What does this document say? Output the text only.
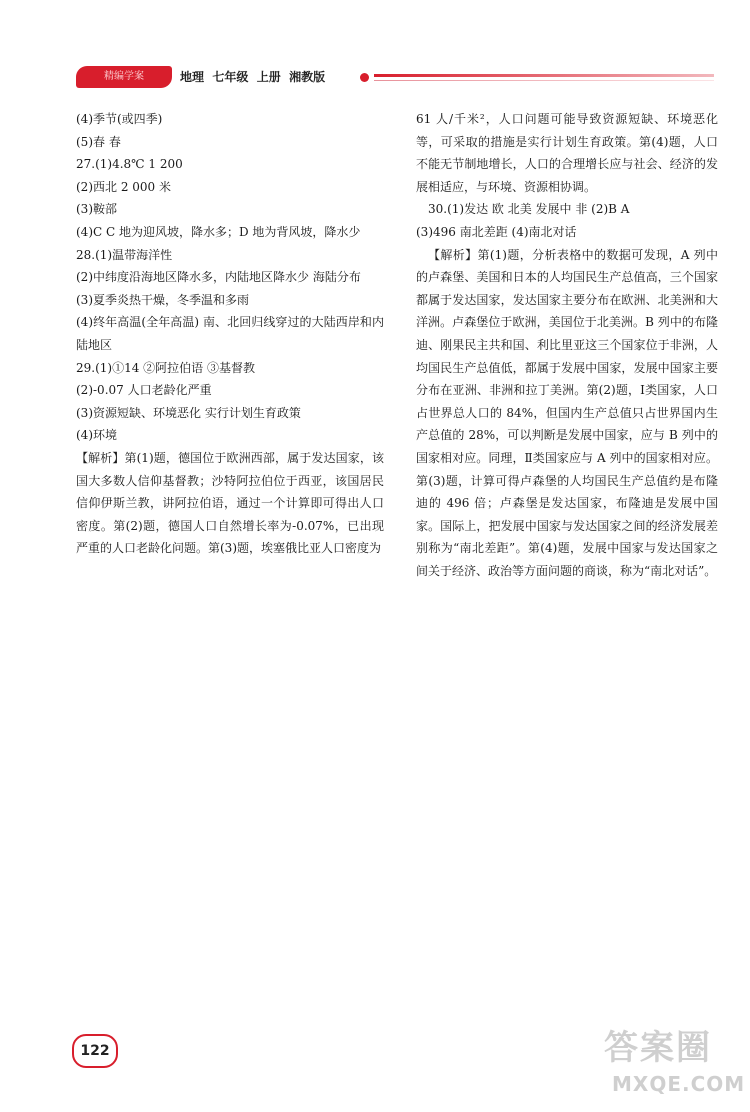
精编学案	地理  七年级  上册  湘教版

(4)季节(或四季)

(5)春 春

27.(1)4.8℃ 1 200

(2)西北 2 000 米

(3)鞍部

(4)C C 地为迎风坡，降水多；D 地为背风坡，降水少

28.(1)温带海洋性

(2)中纬度沿海地区降水多，内陆地区降水少 海陆分布

(3)夏季炎热干燥，冬季温和多雨

(4)终年高温(全年高温) 南、北回归线穿过的大陆西岸和内陆地区

29.(1)①14 ②阿拉伯语 ③基督教

(2)-0.07 人口老龄化严重

(3)资源短缺、环境恶化 实行计划生育政策

(4)环境

【解析】第(1)题，德国位于欧洲西部，属于发达国家，该国大多数人信仰基督教；沙特阿拉伯位于西亚，该国居民信仰伊斯兰教，讲阿拉伯语，通过一个计算即可得出人口密度。第(2)题，德国人口自然增长率为-0.07%，已出现严重的人口老龄化问题。第(3)题，埃塞俄比亚人口密度为

61 人/千米²，人口问题可能导致资源短缺、环境恶化等，可采取的措施是实行计划生育政策。第(4)题，人口不能无节制地增长，人口的合理增长应与社会、经济的发展相适应，与环境、资源相协调。

30.(1)发达 欧 北美 发展中 非 (2)B A

(3)496 南北差距 (4)南北对话

【解析】第(1)题，分析表格中的数据可发现，A 列中的卢森堡、美国和日本的人均国民生产总值高，三个国家都属于发达国家，发达国家主要分布在欧洲、北美洲和大洋洲。卢森堡位于欧洲，美国位于北美洲。B 列中的布隆迪、刚果民主共和国、利比里亚这三个国家位于非洲，人均国民生产总值低，都属于发展中国家，发展中国家主要分布在亚洲、非洲和拉丁美洲。第(2)题，Ⅰ类国家，人口占世界总人口的 84%，但国内生产总值只占世界国内生产总值的 28%，可以判断是发展中国家，应与 B 列中的国家相对应。同理，Ⅱ类国家应与 A 列中的国家相对应。第(3)题，计算可得卢森堡的人均国民生产总值约是布隆迪的 496 倍；卢森堡是发达国家，布隆迪是发展中国家。国际上，把发展中国家与发达国家之间的经济发展差别称为“南北差距”。第(4)题，发展中国家与发达国家之间关于经济、政治等方面问题的商谈，称为“南北对话”。

122	答案圈
MXQE.COM
